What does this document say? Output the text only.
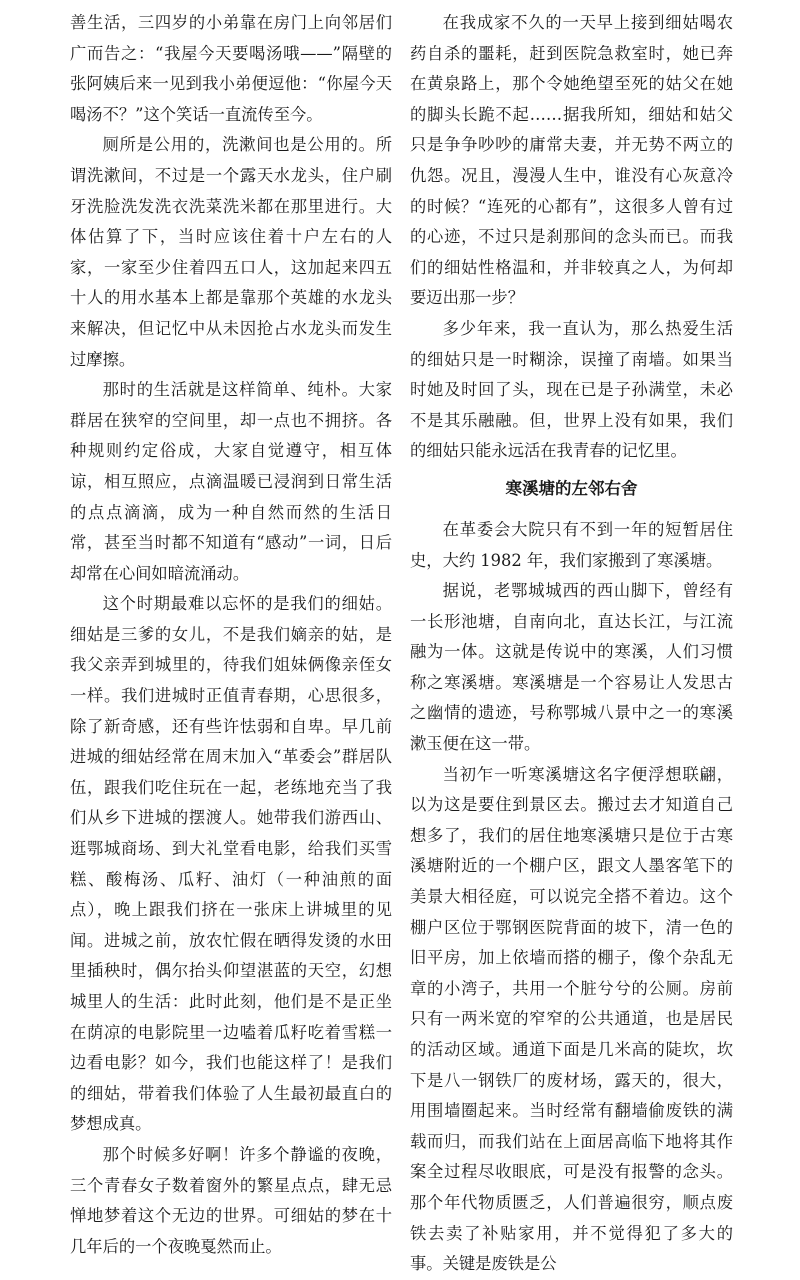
善生活，三四岁的小弟靠在房门上向邻居们广而告之：“我屋今天要喝汤哦——”隔壁的张阿姨后来一见到我小弟便逗他：“你屋今天喝汤不？”这个笑话一直流传至今。

厕所是公用的，洗漱间也是公用的。所谓洗漱间，不过是一个露天水龙头，住户刷牙洗脸洗发洗衣洗菜洗米都在那里进行。大体估算了下，当时应该住着十户左右的人家，一家至少住着四五口人，这加起来四五十人的用水基本上都是靠那个英雄的水龙头来解决，但记忆中从未因抢占水龙头而发生过摩擦。

那时的生活就是这样简单、纯朴。大家群居在狭窄的空间里，却一点也不拥挤。各种规则约定俗成，大家自觉遵守，相互体谅，相互照应，点滴温暖已浸润到日常生活的点点滴滴，成为一种自然而然的生活日常，甚至当时都不知道有“感动”一词，日后却常在心间如暗流涌动。

这个时期最难以忘怀的是我们的细姑。细姑是三爹的女儿，不是我们嫡亲的姑，是我父亲弄到城里的，待我们姐妹俩像亲侄女一样。我们进城时正值青春期，心思很多，除了新奇感，还有些许怯弱和自卑。早几前进城的细姑经常在周末加入“革委会”群居队伍，跟我们吃住玩在一起，老练地充当了我们从乡下进城的摆渡人。她带我们游西山、逛鄂城商场、到大礼堂看电影，给我们买雪糕、酸梅汤、瓜籽、油灯（一种油煎的面点），晚上跟我们挤在一张床上讲城里的见闻。进城之前，放农忙假在晒得发烫的水田里插秧时，偶尔抬头仰望湛蓝的天空，幻想城里人的生活：此时此刻，他们是不是正坐在荫凉的电影院里一边嗑着瓜籽吃着雪糕一边看电影？如今，我们也能这样了！是我们的细姑，带着我们体验了人生最初最直白的梦想成真。

那个时候多好啊！许多个静谧的夜晚，三个青春女子数着窗外的繁星点点，肆无忌惮地梦着这个无边的世界。可细姑的梦在十几年后的一个夜晚戛然而止。

在我成家不久的一天早上接到细姑喝农药自杀的噩耗，赶到医院急救室时，她已奔在黄泉路上，那个令她绝望至死的姑父在她的脚头长跪不起……据我所知，细姑和姑父只是争争吵吵的庸常夫妻，并无势不两立的仇怨。况且，漫漫人生中，谁没有心灰意冷的时候？“连死的心都有”，这很多人曾有过的心迹，不过只是刹那间的念头而已。而我们的细姑性格温和，并非较真之人，为何却要迈出那一步？

多少年来，我一直认为，那么热爱生活的细姑只是一时糊涂，误撞了南墙。如果当时她及时回了头，现在已是子孙满堂，未必不是其乐融融。但，世界上没有如果，我们的细姑只能永远活在我青春的记忆里。

寒溪塘的左邻右舍

在革委会大院只有不到一年的短暂居住史，大约 1982 年，我们家搬到了寒溪塘。

据说，老鄂城城西的西山脚下，曾经有一长形池塘，自南向北，直达长江，与江流融为一体。这就是传说中的寒溪，人们习惯称之寒溪塘。寒溪塘是一个容易让人发思古之幽情的遗迹，号称鄂城八景中之一的寒溪漱玉便在这一带。

当初乍一听寒溪塘这名字便浮想联翩，以为这是要住到景区去。搬过去才知道自己想多了，我们的居住地寒溪塘只是位于古寒溪塘附近的一个棚户区，跟文人墨客笔下的美景大相径庭，可以说完全搭不着边。这个棚户区位于鄂钢医院背面的坡下，清一色的旧平房，加上依墙而搭的棚子，像个杂乱无章的小湾子，共用一个脏兮兮的公厕。房前只有一两米宽的窄窄的公共通道，也是居民的活动区域。通道下面是几米高的陡坎，坎下是八一钢铁厂的废材场，露天的，很大，用围墙圈起来。当时经常有翻墙偷废铁的满载而归，而我们站在上面居高临下地将其作案全过程尽收眼底，可是没有报警的念头。那个年代物质匮乏，人们普遍很穷，顺点废铁去卖了补贴家用，并不觉得犯了多大的事。关键是废铁是公
